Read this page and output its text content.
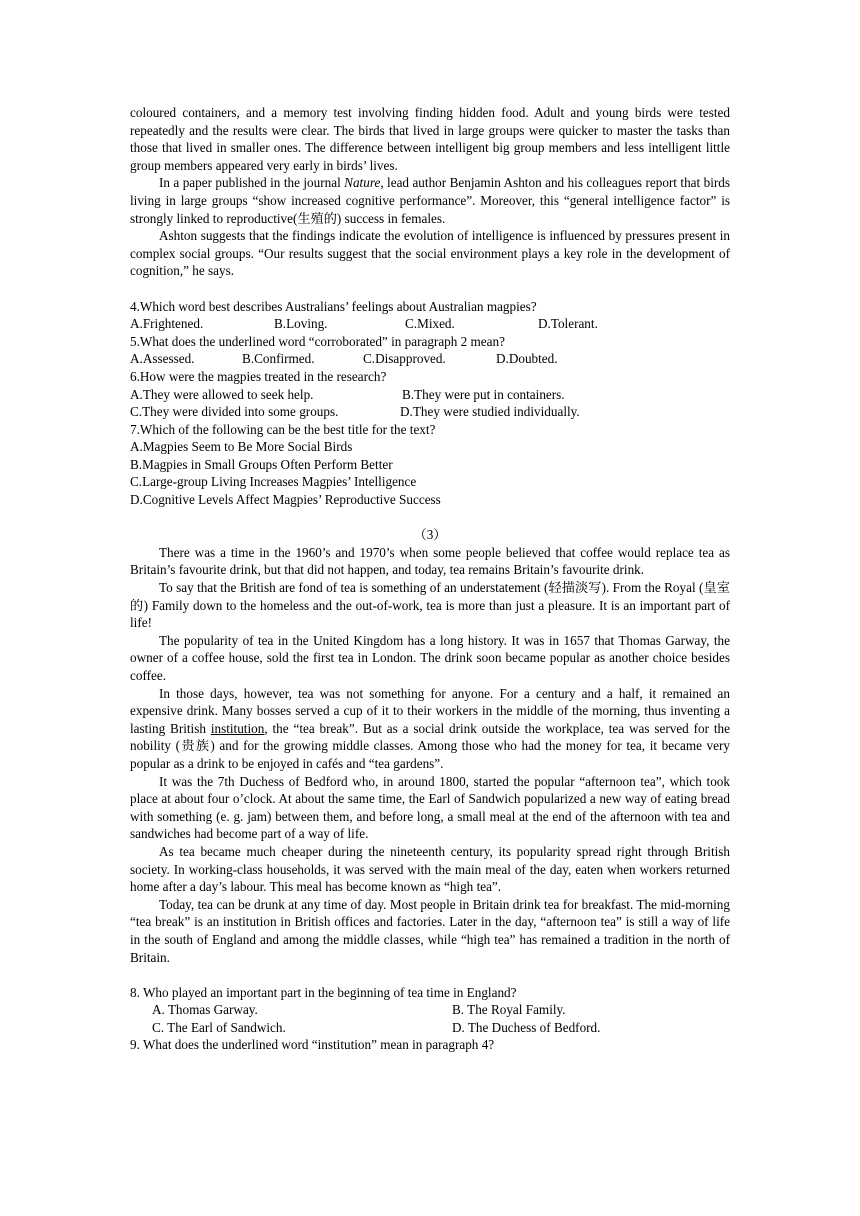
coloured containers, and a memory test involving finding hidden food. Adult and young birds were tested repeatedly and the results were clear. The birds that lived in large groups were quicker to master the tasks than those that lived in smaller ones. The difference between intelligent big group members and less intelligent little group members appeared very early in birds’ lives.

In a paper published in the journal Nature, lead author Benjamin Ashton and his colleagues report that birds living in large groups “show increased cognitive performance”. Moreover, this “general intelligence factor” is strongly linked to reproductive(生殖的) success in females.

Ashton suggests that the findings indicate the evolution of intelligence is influenced by pressures present in complex social groups. “Our results suggest that the social environment plays a key role in the development of cognition,” he says.

4.Which word best describes Australians’ feelings about Australian magpies?

A.Frightened.	B.Loving.	C.Mixed.	D.Tolerant.

5.What does the underlined word “corroborated” in paragraph 2 mean?

A.Assessed.	B.Confirmed.	C.Disapproved.	D.Doubted.

6.How were the magpies treated in the research?

A.They were allowed to seek help.	B.They were put in containers.

C.They were divided into some groups.	D.They were studied individually.

7.Which of the following can be the best title for the text?

A.Magpies Seem to Be More Social Birds

B.Magpies in Small Groups Often Perform Better

C.Large-group Living Increases Magpies’ Intelligence

D.Cognitive Levels Affect Magpies’ Reproductive Success

（3）

There was a time in the 1960’s and 1970’s when some people believed that coffee would replace tea as Britain’s favourite drink, but that did not happen, and today, tea remains Britain’s favourite drink.

To say that the British are fond of tea is something of an understatement (轻描淡写). From the Royal (皇室的) Family down to the homeless and the out-of-work, tea is more than just a pleasure. It is an important part of life!

The popularity of tea in the United Kingdom has a long history. It was in 1657 that Thomas Garway, the owner of a coffee house, sold the first tea in London. The drink soon became popular as another choice besides coffee.

In those days, however, tea was not something for anyone. For a century and a half, it remained an expensive drink. Many bosses served a cup of it to their workers in the middle of the morning, thus inventing a lasting British institution, the “tea break”. But as a social drink outside the workplace, tea was served for the nobility (贵族) and for the growing middle classes. Among those who had the money for tea, it became very popular as a drink to be enjoyed in cafés and “tea gardens”.

It was the 7th Duchess of Bedford who, in around 1800, started the popular “afternoon tea”, which took place at about four o’clock. At about the same time, the Earl of Sandwich popularized a new way of eating bread with something (e. g. jam) between them, and before long, a small meal at the end of the afternoon with tea and sandwiches had become part of a way of life.

As tea became much cheaper during the nineteenth century, its popularity spread right through British society. In working-class households, it was served with the main meal of the day, eaten when workers returned home after a day’s labour. This meal has become known as “high tea”.

Today, tea can be drunk at any time of day. Most people in Britain drink tea for breakfast. The mid-morning “tea break” is an institution in British offices and factories. Later in the day, “afternoon tea” is still a way of life in the south of England and among the middle classes, while “high tea” has remained a tradition in the north of Britain.

8. Who played an important part in the beginning of tea time in England?

A. Thomas Garway.	B. The Royal Family.

C. The Earl of Sandwich.	D. The Duchess of Bedford.

9. What does the underlined word “institution” mean in paragraph 4?
